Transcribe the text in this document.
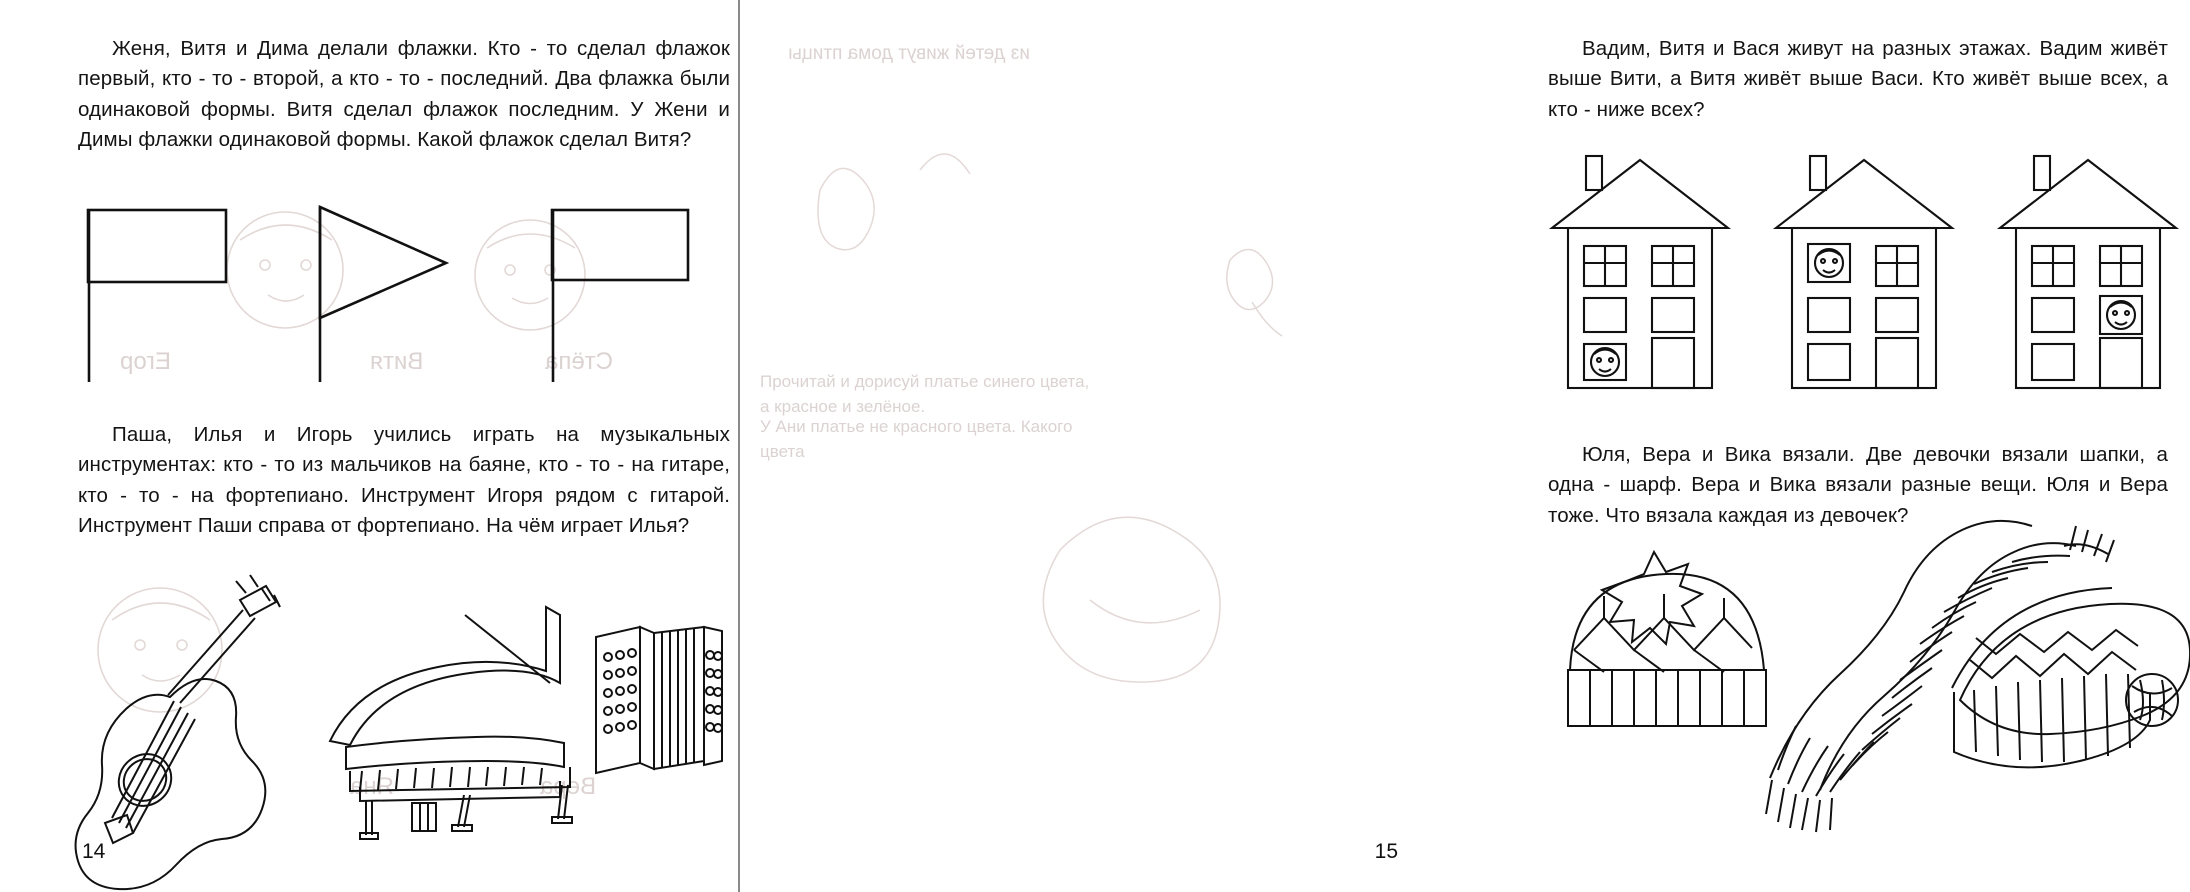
Егор	Витя	Стёпа
Яна	Вера
Женя, Витя и Дима делали флажки. Кто - то сделал флажок первый, кто - то - второй, а кто - то - последний. Два флажка были одинаковой формы. Витя сделал флажок последним. У Жени и Димы флажки одинаковой формы. Какой флажок сделал Витя?
Паша, Илья и Игорь учились играть на музыкальных инструментах: кто - то из мальчиков на баяне, кто - то - на гитаре, кто - то - на фортепиано. Инструмент Игоря рядом с гитарой. Инструмент Паши справа от фортепиано. На чём играет Илья?
14
из детей живут дома птицы
Прочитай и дорисуй платье синего цвета, а красное и зелёное.
У Ани платье не красного цвета. Какого цвета
Вадим, Витя и Вася живут на разных этажах. Вадим живёт выше Вити, а Витя живёт выше Васи. Кто живёт выше всех, а кто - ниже всех?
Юля, Вера и Вика вязали. Две девочки вязали шапки, а одна - шарф. Вера и Вика вязали разные вещи. Юля и Вера тоже. Что вязала каждая из девочек?
15
